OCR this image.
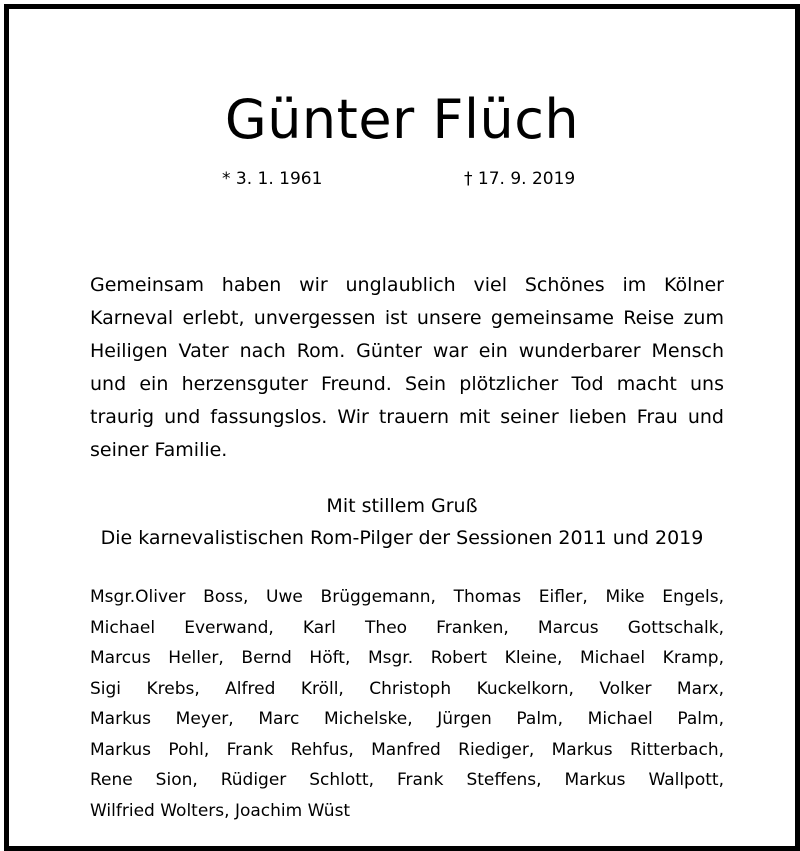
Günter Flüch
* 3. 1. 1961	† 17. 9. 2019
Gemeinsam haben wir unglaublich viel Schönes im Kölner
Karneval erlebt, unvergessen ist unsere gemeinsame Reise zum
Heiligen Vater nach Rom. Günter war ein wunderbarer Mensch
und ein herzensguter Freund. Sein plötzlicher Tod macht uns
traurig und fassungslos. Wir trauern mit seiner lieben Frau und
seiner Familie.
Mit stillem Gruß
Die karnevalistischen Rom-Pilger der Sessionen 2011 und 2019
Msgr.Oliver Boss, Uwe Brüggemann, Thomas Eifler, Mike Engels,
Michael Everwand, Karl Theo Franken, Marcus Gottschalk,
Marcus Heller, Bernd Höft, Msgr. Robert Kleine, Michael Kramp,
Sigi Krebs, Alfred Kröll, Christoph Kuckelkorn, Volker Marx,
Markus Meyer, Marc Michelske, Jürgen Palm, Michael Palm,
Markus Pohl, Frank Rehfus, Manfred Riediger, Markus Ritterbach,
Rene Sion, Rüdiger Schlott, Frank Steffens, Markus Wallpott,
Wilfried Wolters, Joachim Wüst
